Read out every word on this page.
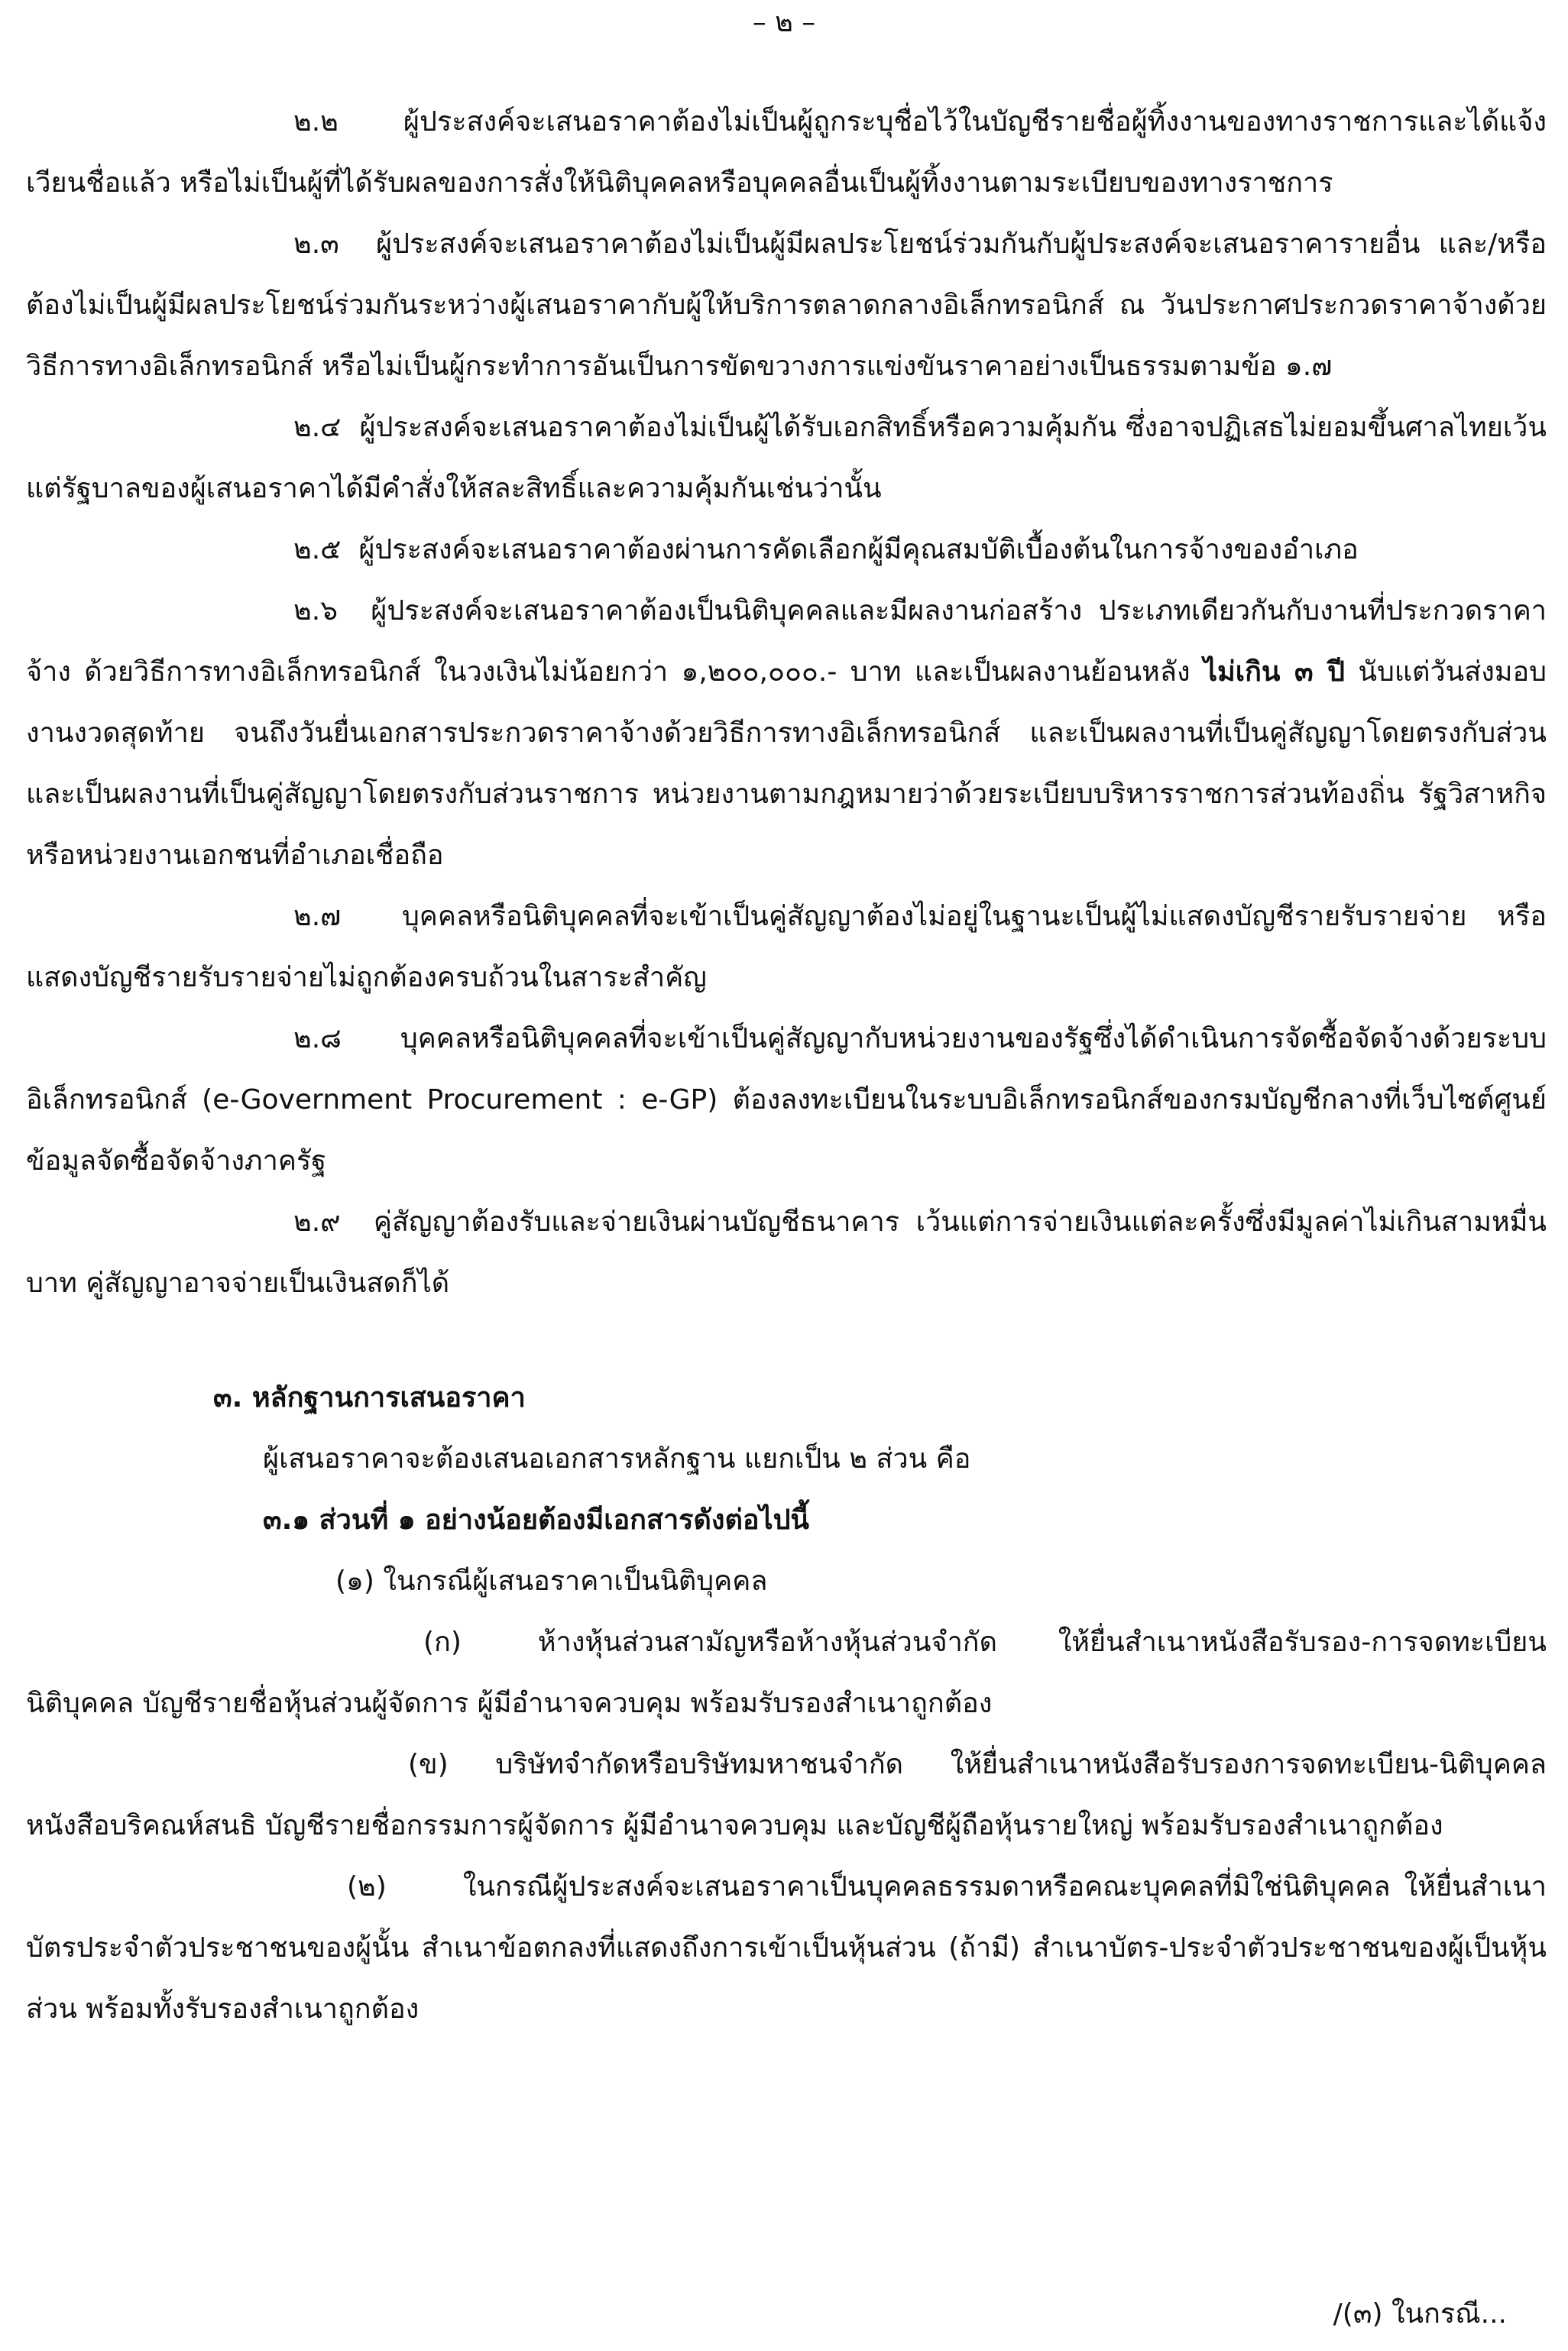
– ๒ –

๒.๒ ผู้ประสงค์จะเสนอราคาต้องไม่เป็นผู้ถูกระบุชื่อไว้ในบัญชีรายชื่อผู้ทิ้งงานของทางราชการและได้แจ้งเวียนชื่อแล้ว หรือไม่เป็นผู้ที่ได้รับผลของการสั่งให้นิติบุคคลหรือบุคคลอื่นเป็นผู้ทิ้งงานตามระเบียบของทางราชการ

๒.๓ ผู้ประสงค์จะเสนอราคาต้องไม่เป็นผู้มีผลประโยชน์ร่วมกันกับผู้ประสงค์จะเสนอราคารายอื่น และ/หรือต้องไม่เป็นผู้มีผลประโยชน์ร่วมกันระหว่างผู้เสนอราคากับผู้ให้บริการตลาดกลางอิเล็กทรอนิกส์ ณ วันประกาศประกวดราคาจ้างด้วยวิธีการทางอิเล็กทรอนิกส์ หรือไม่เป็นผู้กระทำการอันเป็นการขัดขวางการแข่งขันราคาอย่างเป็นธรรมตามข้อ ๑.๗

๒.๔ ผู้ประสงค์จะเสนอราคาต้องไม่เป็นผู้ได้รับเอกสิทธิ์หรือความคุ้มกัน ซึ่งอาจปฏิเสธไม่ยอมขึ้นศาลไทยเว้นแต่รัฐบาลของผู้เสนอราคาได้มีคำสั่งให้สละสิทธิ์และความคุ้มกันเช่นว่านั้น

๒.๕ ผู้ประสงค์จะเสนอราคาต้องผ่านการคัดเลือกผู้มีคุณสมบัติเบื้องต้นในการจ้างของอำเภอ

๒.๖ ผู้ประสงค์จะเสนอราคาต้องเป็นนิติบุคคลและมีผลงานก่อสร้าง ประเภทเดียวกันกับงานที่ประกวดราคาจ้าง ด้วยวิธีการทางอิเล็กทรอนิกส์ ในวงเงินไม่น้อยกว่า ๑,๒๐๐,๐๐๐.- บาท และเป็นผลงานย้อนหลัง ไม่เกิน ๓ ปี นับแต่วันส่งมอบงานงวดสุดท้าย จนถึงวันยื่นเอกสารประกวดราคาจ้างด้วยวิธีการทางอิเล็กทรอนิกส์ และเป็นผลงานที่เป็นคู่สัญญาโดยตรงกับส่วนและเป็นผลงานที่เป็นคู่สัญญาโดยตรงกับส่วนราชการ หน่วยงานตามกฎหมายว่าด้วยระเบียบบริหารราชการส่วนท้องถิ่น รัฐวิสาหกิจ หรือหน่วยงานเอกชนที่อำเภอเชื่อถือ

๒.๗ บุคคลหรือนิติบุคคลที่จะเข้าเป็นคู่สัญญาต้องไม่อยู่ในฐานะเป็นผู้ไม่แสดงบัญชีรายรับรายจ่าย หรือแสดงบัญชีรายรับรายจ่ายไม่ถูกต้องครบถ้วนในสาระสำคัญ

๒.๘ บุคคลหรือนิติบุคคลที่จะเข้าเป็นคู่สัญญากับหน่วยงานของรัฐซึ่งได้ดำเนินการจัดซื้อจัดจ้างด้วยระบบอิเล็กทรอนิกส์ (e-Government Procurement : e-GP) ต้องลงทะเบียนในระบบอิเล็กทรอนิกส์ของกรมบัญชีกลางที่เว็บไซต์ศูนย์ข้อมูลจัดซื้อจัดจ้างภาครัฐ

๒.๙ คู่สัญญาต้องรับและจ่ายเงินผ่านบัญชีธนาคาร เว้นแต่การจ่ายเงินแต่ละครั้งซึ่งมีมูลค่าไม่เกินสามหมื่นบาท คู่สัญญาอาจจ่ายเป็นเงินสดก็ได้

๓. หลักฐานการเสนอราคา

ผู้เสนอราคาจะต้องเสนอเอกสารหลักฐาน แยกเป็น ๒ ส่วน คือ

๓.๑ ส่วนที่ ๑ อย่างน้อยต้องมีเอกสารดังต่อไปนี้

(๑) ในกรณีผู้เสนอราคาเป็นนิติบุคคล

(ก)	ห้างหุ้นส่วนสามัญหรือห้างหุ้นส่วนจำกัด ให้ยื่นสำเนาหนังสือรับรอง-การจดทะเบียนนิติบุคคล บัญชีรายชื่อหุ้นส่วนผู้จัดการ ผู้มีอำนาจควบคุม พร้อมรับรองสำเนาถูกต้อง

(ข) บริษัทจำกัดหรือบริษัทมหาชนจำกัด ให้ยื่นสำเนาหนังสือรับรองการจดทะเบียน-นิติบุคคล หนังสือบริคณห์สนธิ บัญชีรายชื่อกรรมการผู้จัดการ ผู้มีอำนาจควบคุม และบัญชีผู้ถือหุ้นรายใหญ่ พร้อมรับรองสำเนาถูกต้อง

(๒)	ในกรณีผู้ประสงค์จะเสนอราคาเป็นบุคคลธรรมดาหรือคณะบุคคลที่มิใช่นิติบุคคล ให้ยื่นสำเนาบัตรประจำตัวประชาชนของผู้นั้น สำเนาข้อตกลงที่แสดงถึงการเข้าเป็นหุ้นส่วน (ถ้ามี) สำเนาบัตร-ประจำตัวประชาชนของผู้เป็นหุ้นส่วน พร้อมทั้งรับรองสำเนาถูกต้อง

/(๓) ในกรณี...
